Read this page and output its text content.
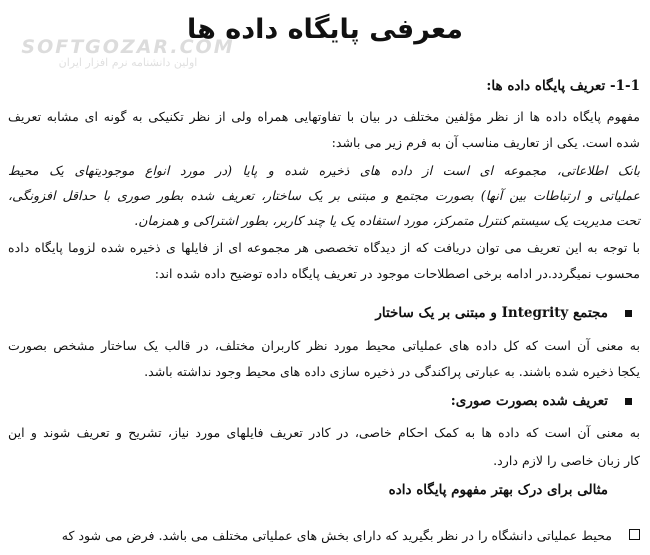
معرفی پایگاه داده ها
SOFTGOZAR.COM
اولین دانشنامه نرم افزار ایران

1-1- تعریف پایگاه داده ها:

مفهوم پایگاه داده ها از نظر مؤلفین مختلف در بیان با تفاوتهایی همراه ولی از نظر تکنیکی به گونه ای مشابه تعریف

شده است. یکی از تعاریف مناسب آن به فرم زیر می باشد:

بانک اطلاعاتی، مجموعه ای است از داده های ذخیره شده و پایا (در مورد انواع موجودیتهای یک محیط

عملیاتی و ارتباطات بین آنها) بصورت مجتمع و مبتنی بر یک ساختار، تعریف شده بطور صوری با حداقل افزونگی،

تحت مدیریت یک سیستم کنترل متمرکز، مورد استفاده یک یا چند کاربر، بطور اشتراکی و همزمان.

با توجه به این تعریف می توان دریافت که از دیدگاه تخصصی هر مجموعه ای از فایلها ی ذخیره شده لزوما پایگاه داده

محسوب نمیگردد.در ادامه برخی اصطلاحات موجود در تعریف پایگاه داده توضیح داده شده اند:

مجتمع Integrity و مبتنی بر یک ساختار

به معنی آن است که کل داده های عملیاتی محیط مورد نظر کاربران مختلف، در قالب یک ساختار مشخص بصورت

یکجا ذخیره شده باشند. به عبارتی پراکندگی در ذخیره سازی داده های محیط وجود نداشته باشد.

تعریف شده بصورت صوری:

به معنی آن است که داده ها به کمک احکام خاصی، در کادر تعریف فایلهای مورد نیاز، تشریح و تعریف شوند و این

کار زبان خاصی را لازم دارد.

مثالی برای درک بهتر مفهوم پایگاه داده

محیط عملیاتی دانشگاه را در نظر بگیرید که دارای بخش های عملیاتی مختلف می باشد. فرض می شود که
